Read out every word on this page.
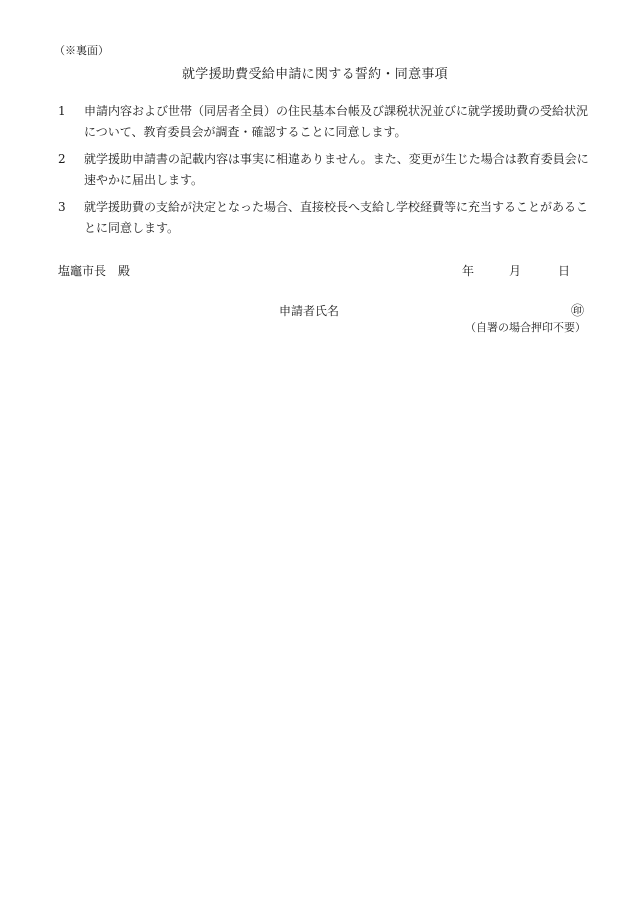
（※裏面）
就学援助費受給申請に関する誓約・同意事項
1	申請内容および世帯（同居者全員）の住民基本台帳及び課税状況並びに就学援助費の受給状況について、教育委員会が調査・確認することに同意します。
2	就学援助申請書の記載内容は事実に相違ありません。また、変更が生じた場合は教育委員会に速やかに届出します。
3	就学援助費の支給が決定となった場合、直接校長へ支給し学校経費等に充当することがあることに同意します。
塩竈市長　殿	年	月	日
申請者氏名	㊞
（自署の場合押印不要）
